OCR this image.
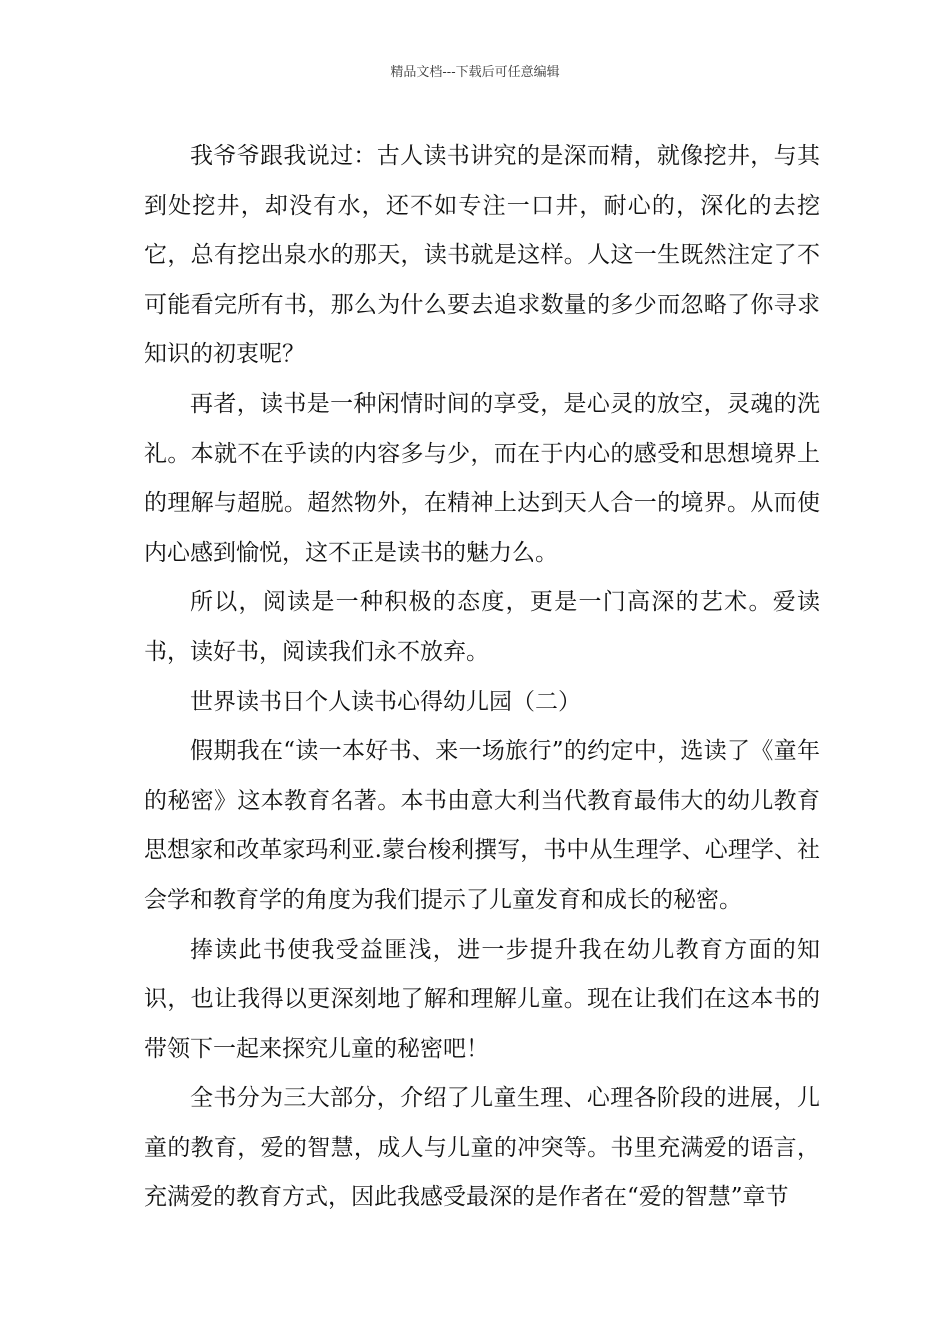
精品文档---下载后可任意编辑

我爷爷跟我说过：古人读书讲究的是深而精，就像挖井，与其到处挖井，却没有水，还不如专注一口井，耐心的，深化的去挖它，总有挖出泉水的那天，读书就是这样。人这一生既然注定了不可能看完所有书，那么为什么要去追求数量的多少而忽略了你寻求知识的初衷呢？

再者，读书是一种闲情时间的享受，是心灵的放空，灵魂的洗礼。本就不在乎读的内容多与少，而在于内心的感受和思想境界上的理解与超脱。超然物外，在精神上达到天人合一的境界。从而使内心感到愉悦，这不正是读书的魅力么。

所以，阅读是一种积极的态度，更是一门高深的艺术。爱读书，读好书，阅读我们永不放弃。

世界读书日个人读书心得幼儿园（二）

假期我在“读一本好书、来一场旅行”的约定中，选读了《童年的秘密》这本教育名著。本书由意大利当代教育最伟大的幼儿教育思想家和改革家玛利亚.蒙台梭利撰写，书中从生理学、心理学、社会学和教育学的角度为我们提示了儿童发育和成长的秘密。

捧读此书使我受益匪浅，进一步提升我在幼儿教育方面的知识，也让我得以更深刻地了解和理解儿童。现在让我们在这本书的带领下一起来探究儿童的秘密吧！

全书分为三大部分，介绍了儿童生理、心理各阶段的进展，儿童的教育，爱的智慧，成人与儿童的冲突等。书里充满爱的语言，充满爱的教育方式，因此我感受最深的是作者在“爱的智慧”章节
